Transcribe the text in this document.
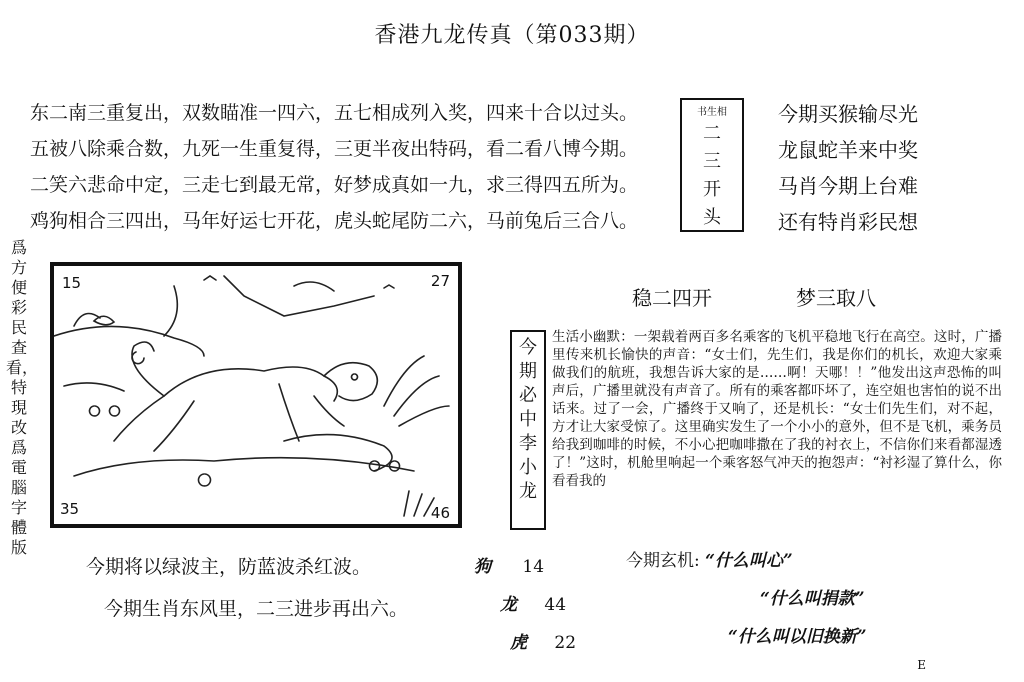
香港九龙传真（第033期）
东二南三重复出，双数瞄准一四六，五七相成列入奖，四来十合以过头。
五被八除乘合数，九死一生重复得，三更半夜出特码，看二看八博今期。
二笑六悲命中定，三走七到最无常，好梦成真如一九，求三得四五所为。
鸡狗相合三四出，马年好运七开花，虎头蛇尾防二六，马前兔后三合八。
书生相
二三开头
今期买猴输尽光
龙鼠蛇羊来中奖
马肖今期上台难
还有特肖彩民想
爲方便彩民查看，特現改爲電腦字體版
15	27
35	46
稳二四开	梦三取八
今期必中李小龙
生活小幽默：一架载着两百多名乘客的飞机平稳地飞行在高空。这时，广播里传来机长愉快的声音：“女士们，先生们，我是你们的机长，欢迎大家乘做我们的航班，我想告诉大家的是……啊！天哪！！”他发出这声恐怖的叫声后，广播里就没有声音了。所有的乘客都吓坏了，连空姐也害怕的说不出话来。过了一会，广播终于又响了，还是机长：“女士们先生们，对不起，方才让大家受惊了。这里确实发生了一个小小的意外，但不是飞机，乘务员给我到咖啡的时候，不小心把咖啡撒在了我的衬衣上，不信你们来看都湿透了！”这时，机舱里响起一个乘客怒气冲天的抱怨声：“衬衫湿了算什么，你看看我的
今期将以绿波主，防蓝波杀红波。
今期生肖东风里，二三进步再出六。
狗 14
龙 44
虎 22
今期玄机: “什么叫心”
“什么叫捐款”
“什么叫以旧换新”
E
